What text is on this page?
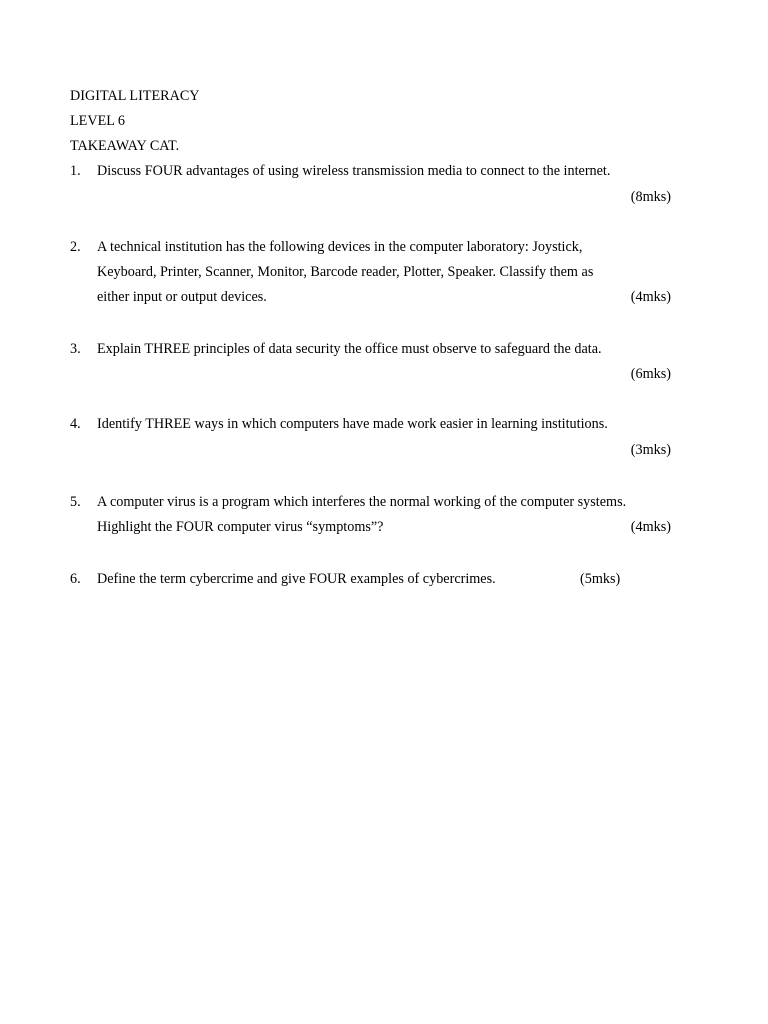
DIGITAL LITERACY
LEVEL 6
TAKEAWAY CAT.
1. Discuss FOUR advantages of using wireless transmission media to connect to the internet.
(8mks)
2. A technical institution has the following devices in the computer laboratory: Joystick,
Keyboard, Printer, Scanner, Monitor, Barcode reader, Plotter, Speaker. Classify them as
either input or output devices.	(4mks)
3. Explain THREE principles of data security the office must observe to safeguard the data.
(6mks)
4. Identify THREE ways in which computers have made work easier in learning institutions.
(3mks)
5. A computer virus is a program which interferes the normal working of the computer systems.
Highlight the FOUR computer virus “symptoms”?	(4mks)
6. Define the term cybercrime and give FOUR examples of cybercrimes.	(5mks)
